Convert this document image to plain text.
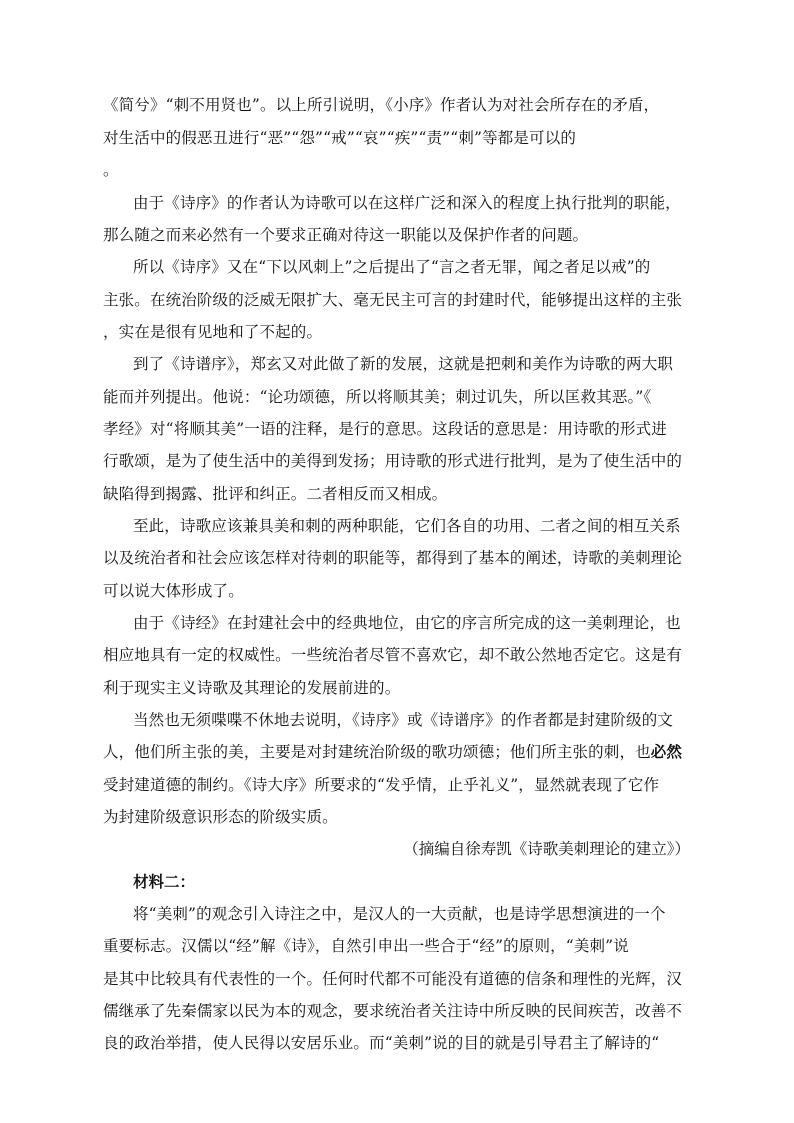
《简兮》“刺不用贤也”。以上所引说明，《小序》作者认为对社会所存在的矛盾，
对生活中的假恶丑进行“恶”“怨”“戒”“哀”“疾”“责”“刺”等都是可以的
。
由于《诗序》的作者认为诗歌可以在这样广泛和深入的程度上执行批判的职能，
那么随之而来必然有一个要求正确对待这一职能以及保护作者的问题。
所以《诗序》又在“下以风刺上”之后提出了“言之者无罪，闻之者足以戒”的
主张。在统治阶级的泛威无限扩大、毫无民主可言的封建时代，能够提出这样的主张
，实在是很有见地和了不起的。
到了《诗谱序》，郑玄又对此做了新的发展，这就是把刺和美作为诗歌的两大职
能而并列提出。他说：“论功颂德，所以将顺其美；刺过讥失，所以匡救其恶。”《
孝经》对“将顺其美”一语的注释，是行的意思。这段话的意思是：用诗歌的形式进
行歌颂，是为了使生活中的美得到发扬；用诗歌的形式进行批判，是为了使生活中的
缺陷得到揭露、批评和纠正。二者相反而又相成。
至此，诗歌应该兼具美和刺的两种职能，它们各自的功用、二者之间的相互关系
以及统治者和社会应该怎样对待刺的职能等，都得到了基本的阐述，诗歌的美刺理论
可以说大体形成了。
由于《诗经》在封建社会中的经典地位，由它的序言所完成的这一美刺理论，也
相应地具有一定的权威性。一些统治者尽管不喜欢它，却不敢公然地否定它。这是有
利于现实主义诗歌及其理论的发展前进的。
当然也无须喋喋不休地去说明，《诗序》或《诗谱序》的作者都是封建阶级的文
人，他们所主张的美，主要是对封建统治阶级的歌功颂德；他们所主张的刺，也必然
受封建道德的制约。《诗大序》所要求的“发乎情，止乎礼义”，显然就表现了它作
为封建阶级意识形态的阶级实质。
（摘编自徐寿凯《诗歌美刺理论的建立》）
材料二：
将“美刺”的观念引入诗注之中，是汉人的一大贡献，也是诗学思想演进的一个
重要标志。汉儒以“经”解《诗》，自然引申出一些合于“经”的原则，“美刺”说
是其中比较具有代表性的一个。任何时代都不可能没有道德的信条和理性的光辉，汉
儒继承了先秦儒家以民为本的观念，要求统治者关注诗中所反映的民间疾苦，改善不
良的政治举措，使人民得以安居乐业。而“美刺”说的目的就是引导君主了解诗的“
